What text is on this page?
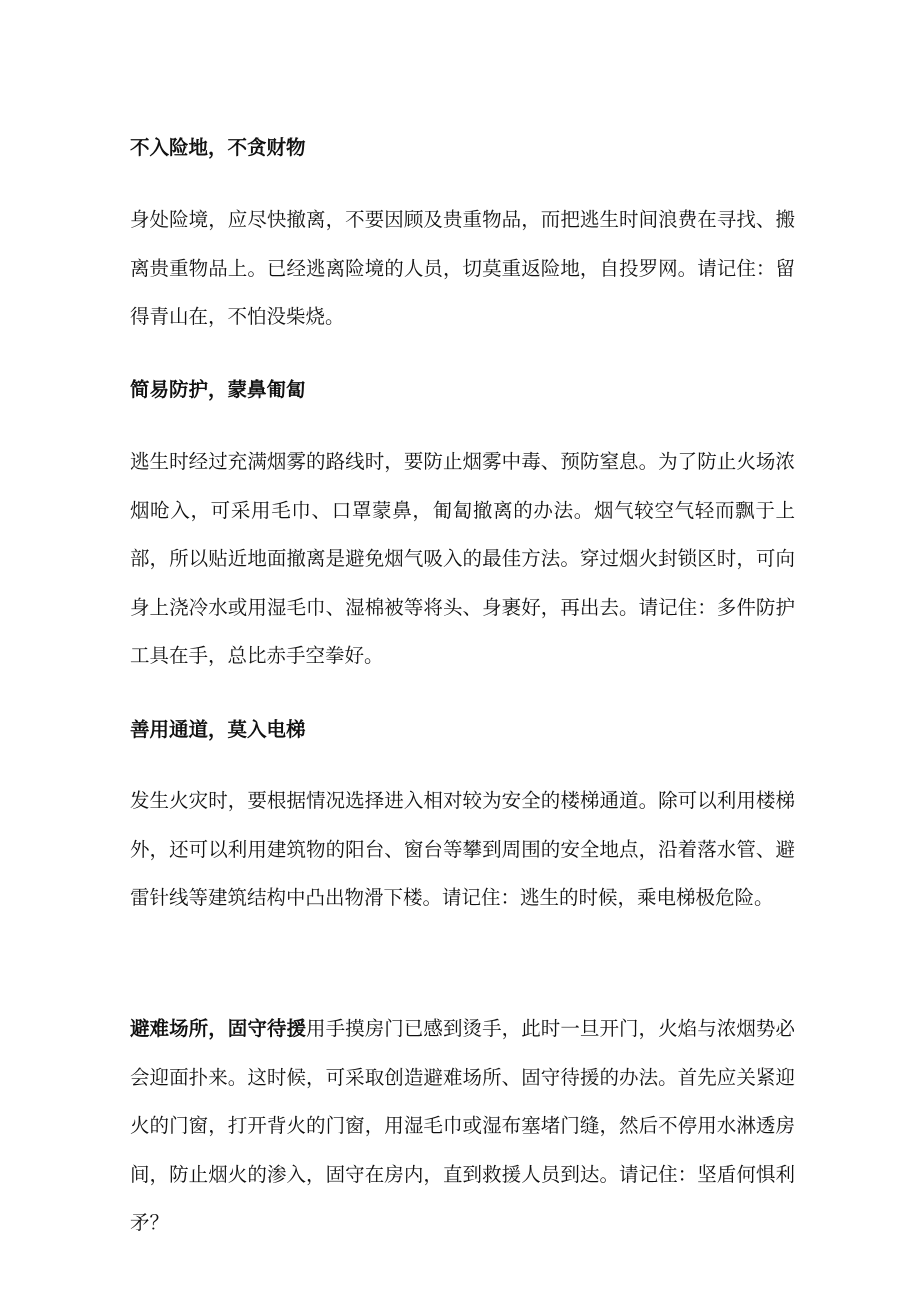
不入险地，不贪财物

身处险境，应尽快撤离，不要因顾及贵重物品，而把逃生时间浪费在寻找、搬离贵重物品上。已经逃离险境的人员，切莫重返险地，自投罗网。请记住：留得青山在，不怕没柴烧。

简易防护，蒙鼻匍匐

逃生时经过充满烟雾的路线时，要防止烟雾中毒、预防窒息。为了防止火场浓烟呛入，可采用毛巾、口罩蒙鼻，匍匐撤离的办法。烟气较空气轻而飘于上部，所以贴近地面撤离是避免烟气吸入的最佳方法。穿过烟火封锁区时，可向身上浇冷水或用湿毛巾、湿棉被等将头、身裹好，再出去。请记住：多件防护工具在手，总比赤手空拳好。

善用通道，莫入电梯

发生火灾时，要根据情况选择进入相对较为安全的楼梯通道。除可以利用楼梯外，还可以利用建筑物的阳台、窗台等攀到周围的安全地点，沿着落水管、避雷针线等建筑结构中凸出物滑下楼。请记住：逃生的时候，乘电梯极危险。

避难场所，固守待援用手摸房门已感到烫手，此时一旦开门，火焰与浓烟势必会迎面扑来。这时候，可采取创造避难场所、固守待援的办法。首先应关紧迎火的门窗，打开背火的门窗，用湿毛巾或湿布塞堵门缝，然后不停用水淋透房间，防止烟火的渗入，固守在房内，直到救援人员到达。请记住：坚盾何惧利矛？
